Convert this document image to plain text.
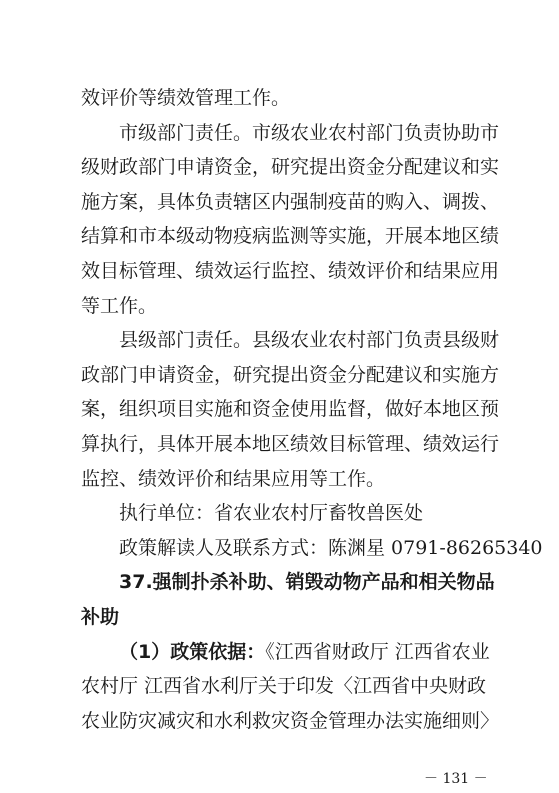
效评价等绩效管理工作。
市级部门责任。市级农业农村部门负责协助市
级财政部门申请资金，研究提出资金分配建议和实
施方案，具体负责辖区内强制疫苗的购入、调拨、
结算和市本级动物疫病监测等实施，开展本地区绩
效目标管理、绩效运行监控、绩效评价和结果应用
等工作。
县级部门责任。县级农业农村部门负责县级财
政部门申请资金，研究提出资金分配建议和实施方
案，组织项目实施和资金使用监督，做好本地区预
算执行，具体开展本地区绩效目标管理、绩效运行
监控、绩效评价和结果应用等工作。
执行单位：省农业农村厅畜牧兽医处
政策解读人及联系方式：陈渊星 0791-86265340
37.强制扑杀补助、销毁动物产品和相关物品
补助
（1）政策依据：《江西省财政厅 江西省农业
农村厅 江西省水利厅关于印发〈江西省中央财政
农业防灾减灾和水利救灾资金管理办法实施细则〉
－ 131 －
